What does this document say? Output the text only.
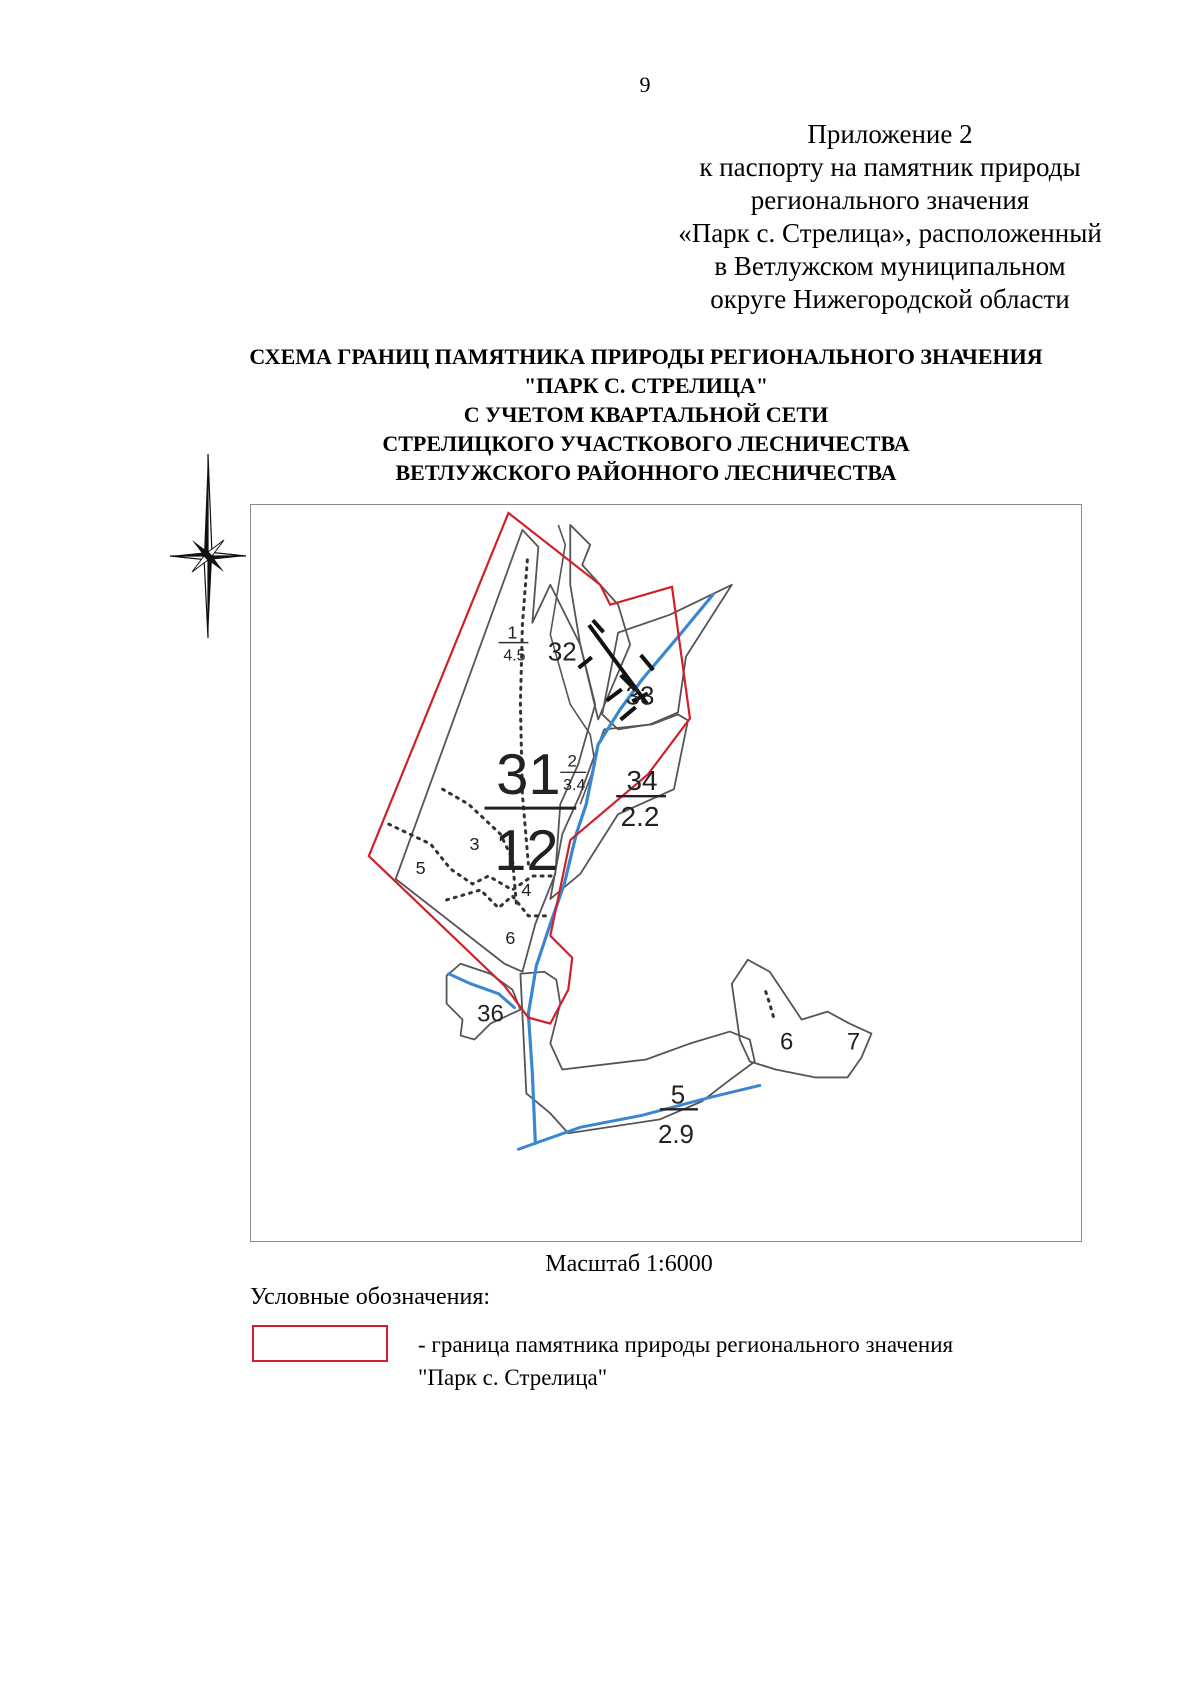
9
Приложение 2
к паспорту на памятник природы
регионального значения
«Парк с. Стрелица», расположенный
в Ветлужском муниципальном
округе Нижегородской области
СХЕМА ГРАНИЦ ПАМЯТНИКА ПРИРОДЫ РЕГИОНАЛЬНОГО ЗНАЧЕНИЯ
"ПАРК С. СТРЕЛИЦА"
С УЧЕТОМ КВАРТАЛЬНОЙ СЕТИ
СТРЕЛИЦКОГО УЧАСТКОВОГО ЛЕСНИЧЕСТВА
ВЕТЛУЖСКОГО РАЙОННОГО ЛЕСНИЧЕСТВА
1
4.5 32
33
31
12
2
3.4 34
2.2
3
5
4
6
36
6 7
5
2.9
Масштаб 1:6000
Условные обозначения:
- граница памятника природы регионального значения
"Парк с. Стрелица"
